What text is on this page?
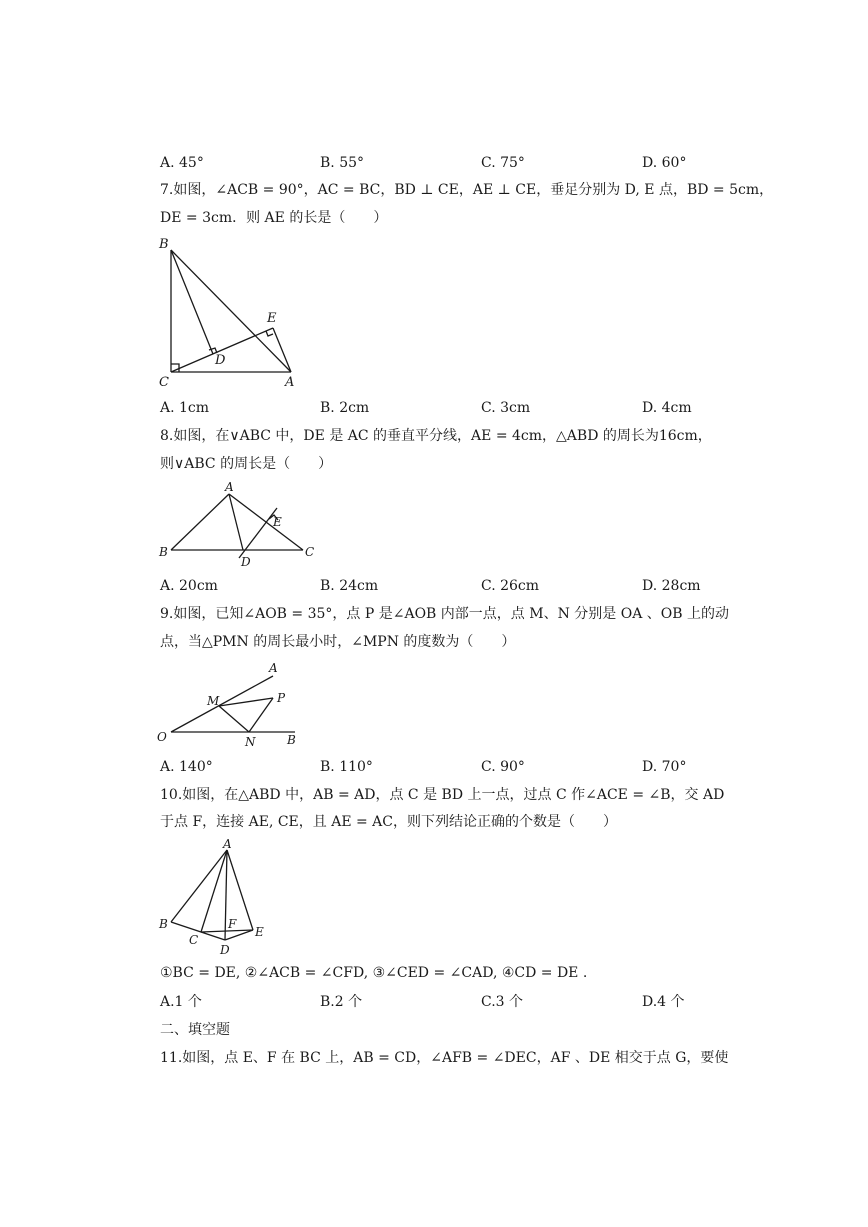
A. 45°	B. 55°	C. 75°	D. 60°
7.如图，∠ACB = 90°，AC = BC，BD ⊥ CE，AE ⊥ CE，垂足分别为 D, E 点，BD = 5cm，
DE = 3cm．则 AE 的长是（　　）
B
C	A
D
E
A. 1cm	B. 2cm	C. 3cm	D. 4cm
8.如图，在∨ABC 中，DE 是 AC 的垂直平分线，AE = 4cm，△ABD 的周长为16cm，
则∨ABC 的周长是（　　）
A
B	C
D
E
A. 20cm	B. 24cm	C. 26cm	D. 28cm
9.如图，已知∠AOB = 35°，点 P 是∠AOB 内部一点，点 M、N 分别是 OA 、OB 上的动
点，当△PMN 的周长最小时，∠MPN 的度数为（　　）
O
A
B
M
N
P
A. 140°	B. 110°	C. 90°	D. 70°
10.如图，在△ABD 中，AB = AD，点 C 是 BD 上一点，过点 C 作∠ACE = ∠B，交 AD
于点 F，连接 AE, CE，且 AE = AC，则下列结论正确的个数是（　　）
A
B
C
D
E
F
①BC = DE, ②∠ACB = ∠CFD, ③∠CED = ∠CAD, ④CD = DE .
A.1 个	B.2 个	C.3 个	D.4 个
二、填空题
11.如图，点 E、F 在 BC 上，AB = CD，∠AFB = ∠DEC，AF 、DE 相交于点 G，要使
